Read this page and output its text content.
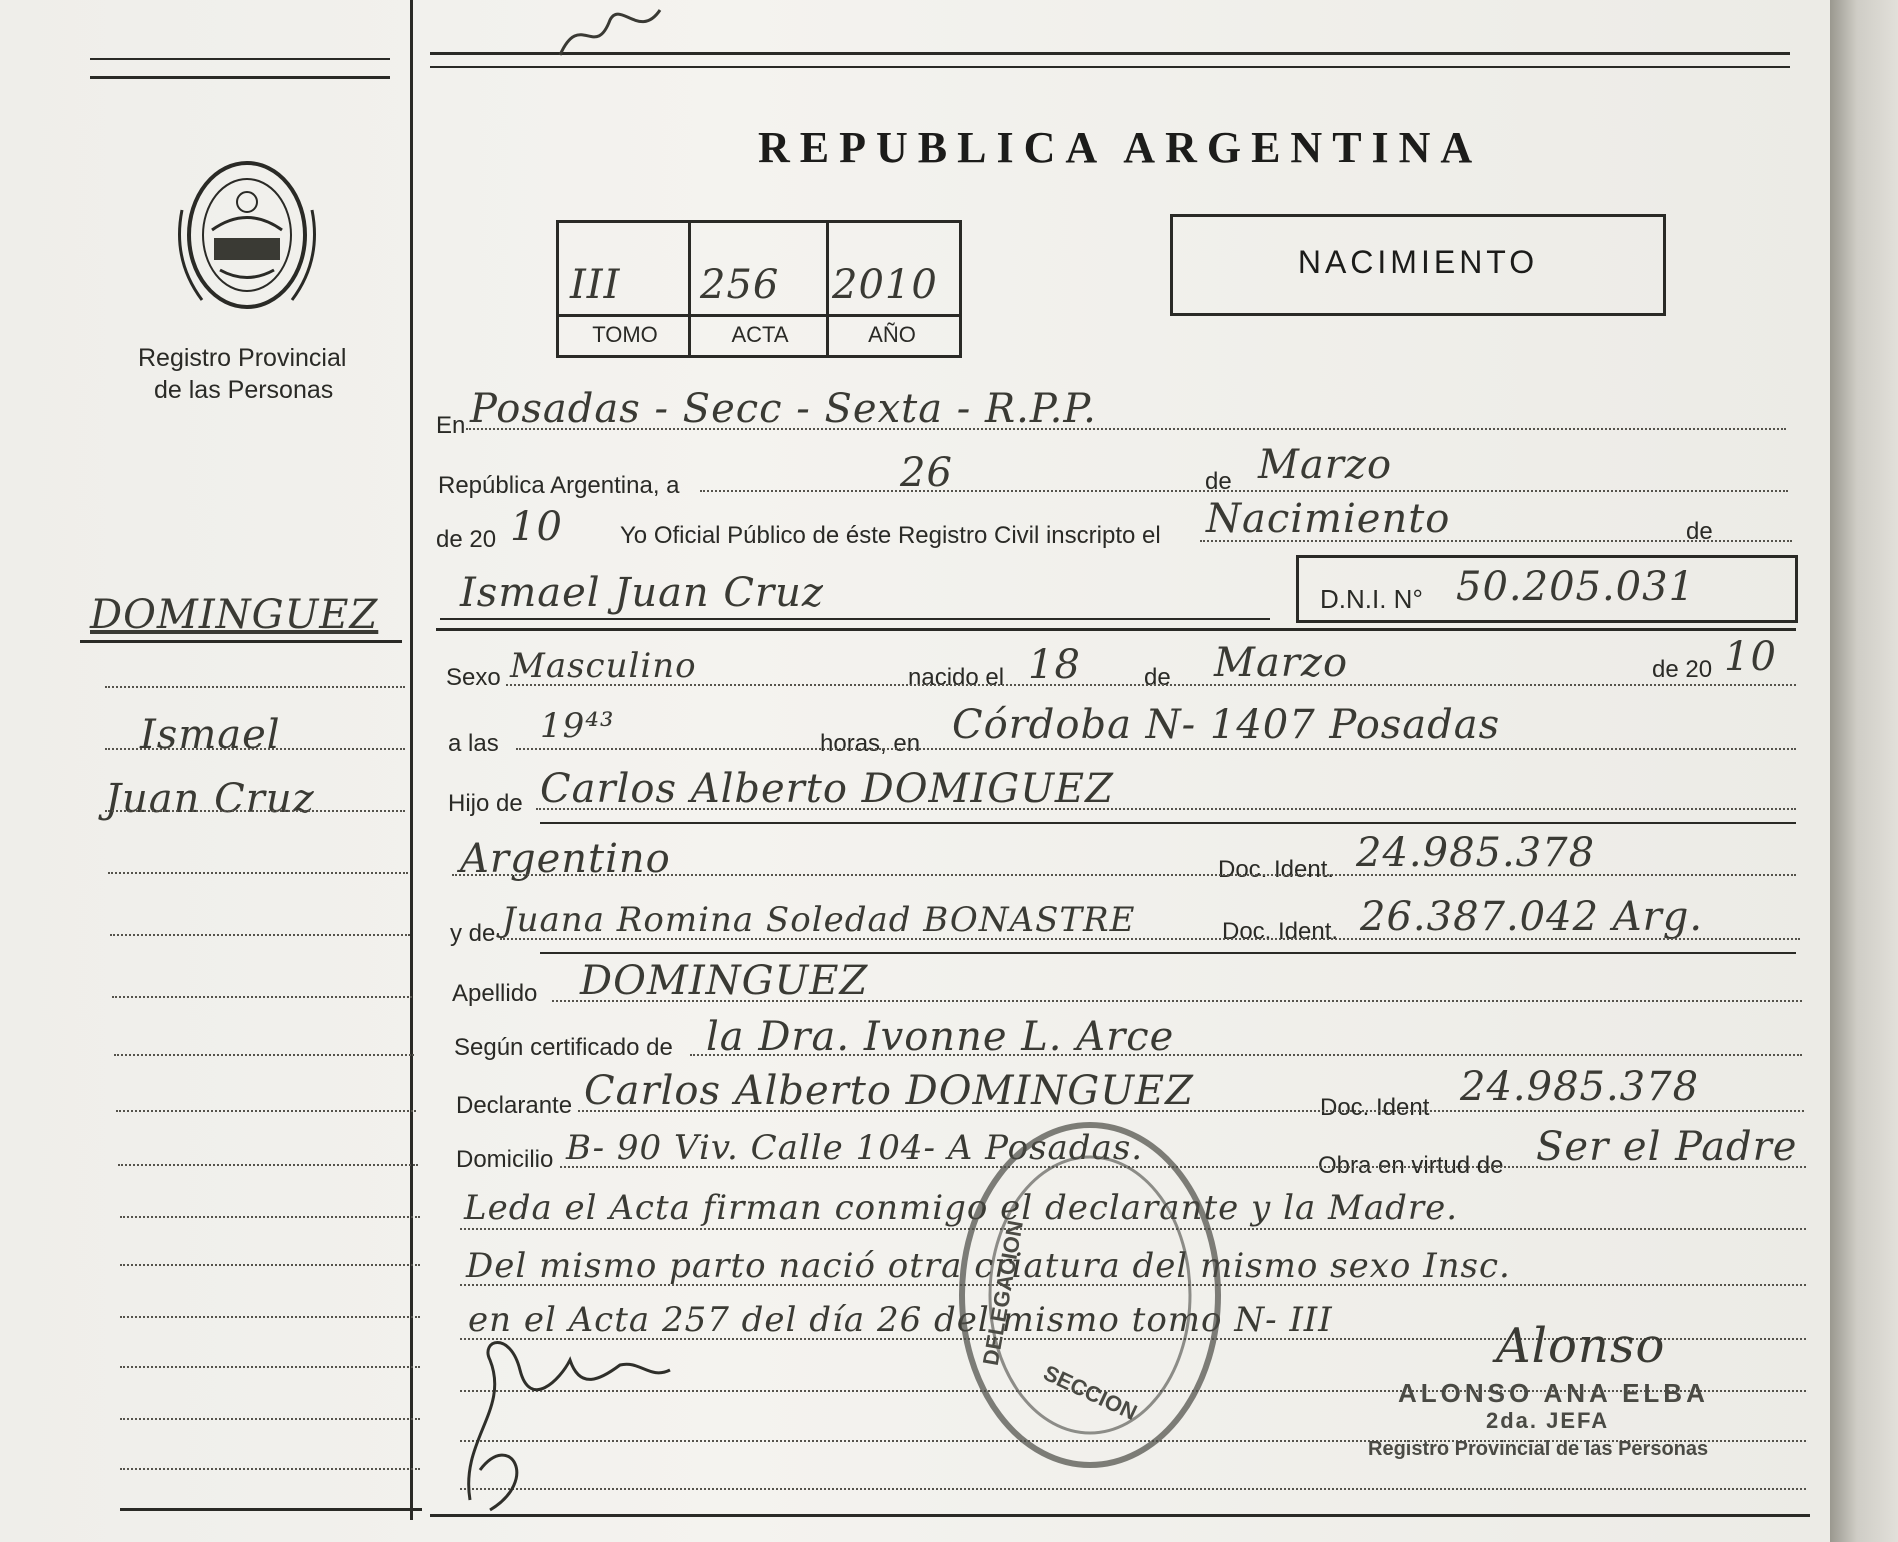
Registro Provincial
de las Personas
REPUBLICA ARGENTINA
III 256 2010
TOMO	ACTA	AÑO
NACIMIENTO
DOMINGUEZ
Ismael
Juan Cruz
En Posadas - Secc - Sexta - R.P.P.
República Argentina, a	26	de Marzo
de 20 10 Yo Oficial Público de éste Registro Civil inscripto el Nacimiento	de
Ismael Juan Cruz	D.N.I. N° 50.205.031
Sexo Masculino	nacido el 18	de Marzo	de 20 10
a las 19⁴³	horas, en Córdoba N- 1407 Posadas
Hijo de Carlos Alberto DOMIGUEZ
Argentino	Doc. Ident. 24.985.378
y de Juana Romina Soledad BONASTRE	Doc. Ident. 26.387.042 Arg.
Apellido DOMINGUEZ
Según certificado de la Dra. Ivonne L. Arce
Declarante Carlos Alberto DOMINGUEZ	Doc. Ident 24.985.378
Domicilio B- 90 Viv. Calle 104- A Posadas.	Obra en virtud de Ser el Padre
Leda el Acta firman conmigo el declarante y la Madre.
Del mismo parto nació otra criatura del mismo sexo Insc.
en el Acta 257 del día 26 del mismo tomo N- III
SECCION
DELEGACION	Alonso
ALONSO ANA ELBA
2da. JEFA
Registro Provincial de las Personas
